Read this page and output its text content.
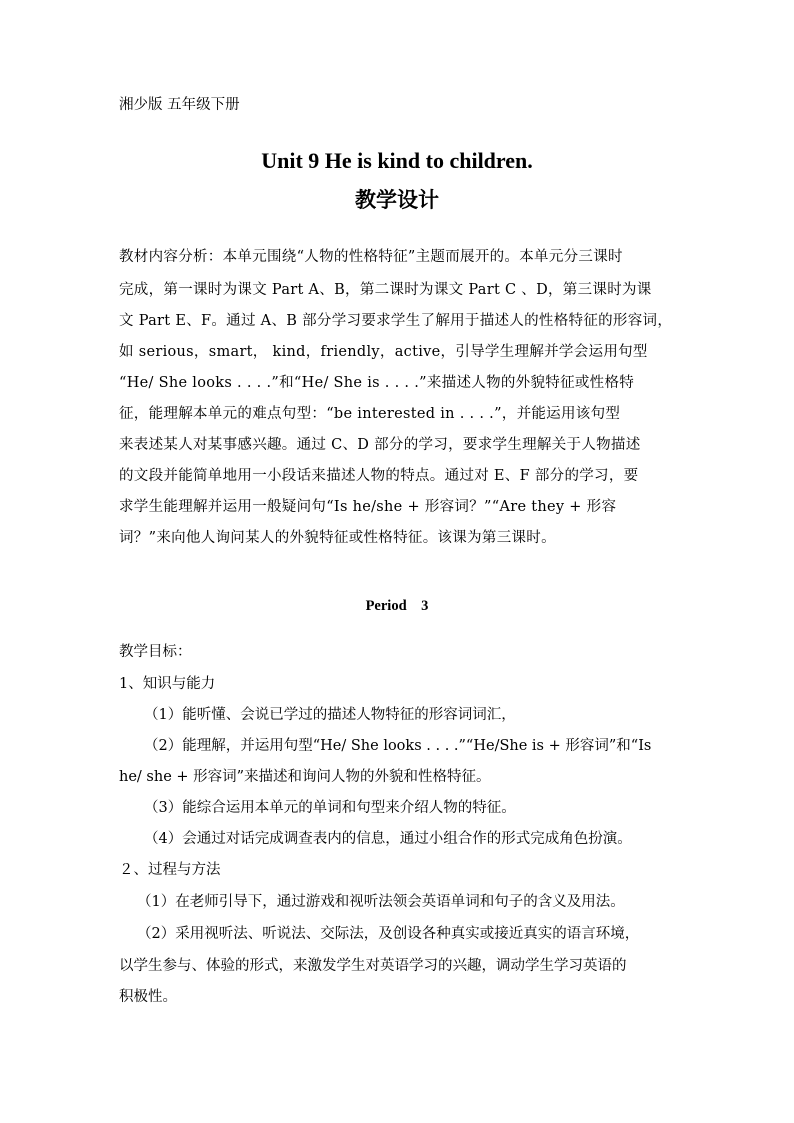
湘少版 五年级下册
Unit 9 He is kind to children.
教学设计
教材内容分析：本单元围绕“人物的性格特征”主题而展开的。本单元分三课时
完成，第一课时为课文 Part A、B，第二课时为课文 Part C 、D，第三课时为课
文 Part E、F。通过 A、B 部分学习要求学生了解用于描述人的性格特征的形容词，
如 serious，smart， kind，friendly，active，引导学生理解并学会运用句型
“He/ She looks . . . .”和“He/ She is . . . .”来描述人物的外貌特征或性格特
征，能理解本单元的难点句型：“be interested in . . . .”，并能运用该句型
来表述某人对某事感兴趣。通过 C、D 部分的学习，要求学生理解关于人物描述
的文段并能简单地用一小段话来描述人物的特点。通过对 E、F 部分的学习，要
求学生能理解并运用一般疑问句“Is he/she + 形容词？”“Are they + 形容
词？”来向他人询问某人的外貌特征或性格特征。该课为第三课时。
Period    3
教学目标：
1、知识与能力
（1）能听懂、会说已学过的描述人物特征的形容词词汇，
（2）能理解，并运用句型“He/ She looks . . . .”“He/She is + 形容词”和“Is
he/ she + 形容词”来描述和询问人物的外貌和性格特征。
（3）能综合运用本单元的单词和句型来介绍人物的特征。
（4）会通过对话完成调查表内的信息，通过小组合作的形式完成角色扮演。
２、过程与方法
（1）在老师引导下，通过游戏和视听法领会英语单词和句子的含义及用法。
（2）采用视听法、听说法、交际法，及创设各种真实或接近真实的语言环境，
以学生参与、体验的形式，来激发学生对英语学习的兴趣，调动学生学习英语的
积极性。
